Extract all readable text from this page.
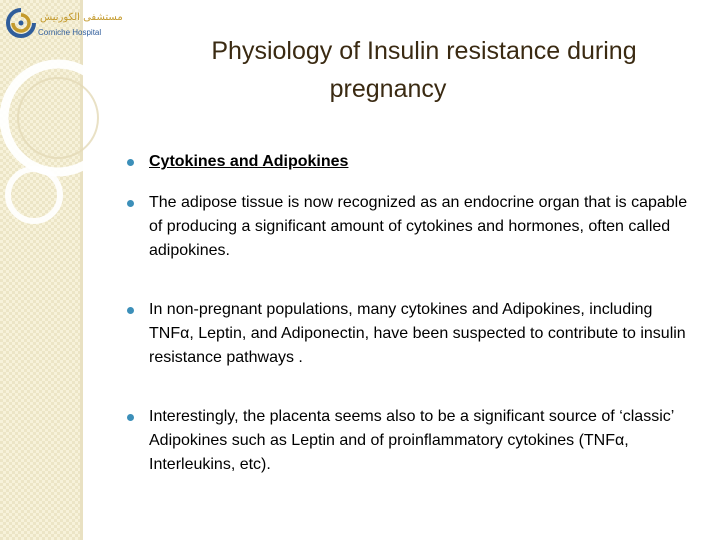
مستشفى الكورنيش
Corniche Hospital
Physiology of Insulin resistance during
pregnancy
Cytokines and Adipokines
The adipose tissue is now recognized as an endocrine organ that is capable of producing a significant amount of cytokines and hormones, often called adipokines.
In non-pregnant populations, many cytokines and Adipokines, including TNFα, Leptin, and Adiponectin, have been suspected to contribute to insulin resistance pathways .
Interestingly, the placenta seems also to be a significant source of ‘classic’ Adipokines such as Leptin and of proinflammatory cytokines (TNFα, Interleukins, etc).
